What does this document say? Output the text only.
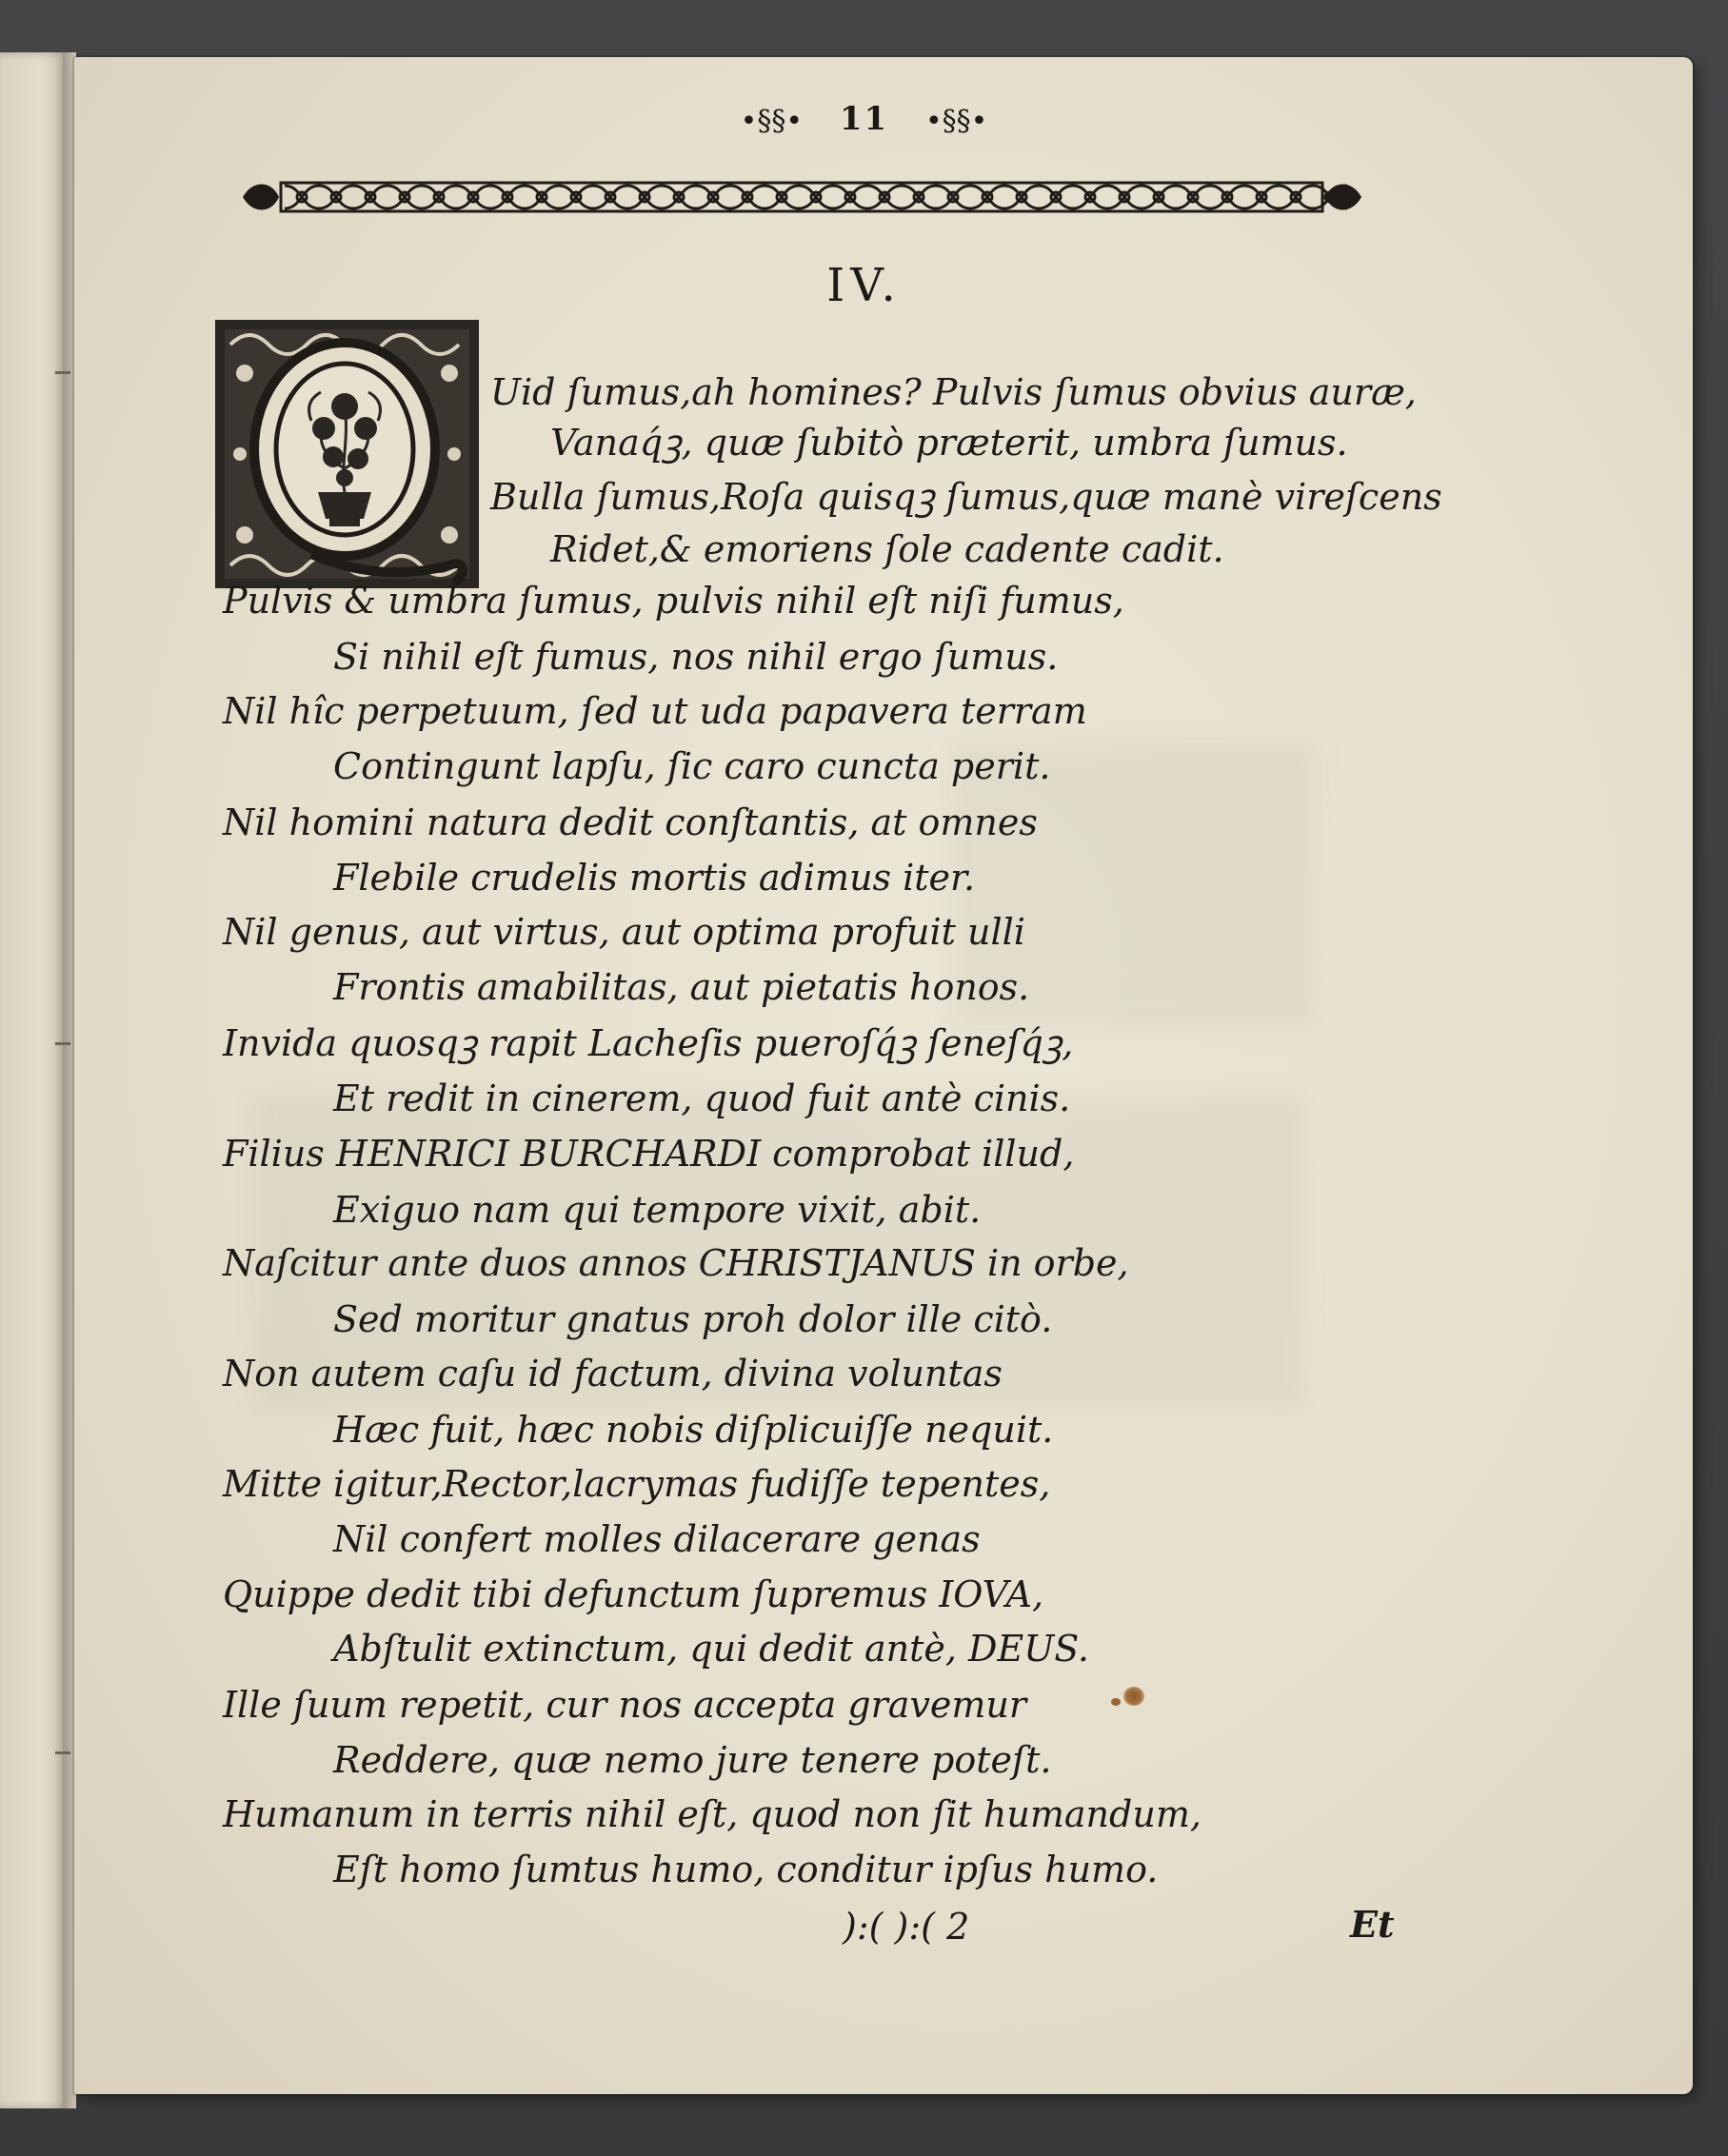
•§§• 11 •§§•
IV.
Uid ſumus,ah homines? Pulvis ſumus obvius auræ,
Vanaq́ꝫ, quæ ſubitò præterit, umbra ſumus.
Bulla ſumus,Roſa quisqꝫ ſumus,quæ manè vireſcens
Ridet,& emoriens ſole cadente cadit.
Pulvis & umbra ſumus, pulvis nihil eſt niſi fumus,
Si nihil eſt fumus, nos nihil ergo ſumus.
Nil hîc perpetuum, ſed ut uda papavera terram
Contingunt lapſu, ſic caro cuncta perit.
Nil homini natura dedit conſtantis, at omnes
Flebile crudelis mortis adimus iter.
Nil genus, aut virtus, aut optima profuit ulli
Frontis amabilitas, aut pietatis honos.
Invida quosqꝫ rapit Lacheſis pueroſq́ꝫ ſeneſq́ꝫ,
Et redit in cinerem, quod fuit antè cinis.
Filius HENRICI BURCHARDI comprobat illud,
Exiguo nam qui tempore vixit, abit.
Naſcitur ante duos annos CHRISTJANUS in orbe,
Sed moritur gnatus proh dolor ille citò.
Non autem caſu id factum, divina voluntas
Hæc fuit, hæc nobis diſplicuiſſe nequit.
Mitte igitur,Rector,lacrymas fudiſſe tepentes,
Nil confert molles dilacerare genas
Quippe dedit tibi defunctum ſupremus IOVA,
Abſtulit extinctum, qui dedit antè, DEUS.
Ille ſuum repetit, cur nos accepta gravemur
Reddere, quæ nemo jure tenere poteſt.
Humanum in terris nihil eſt, quod non ſit humandum,
Eſt homo ſumtus humo, conditur ipſus humo.
):( ):( 2	Et
